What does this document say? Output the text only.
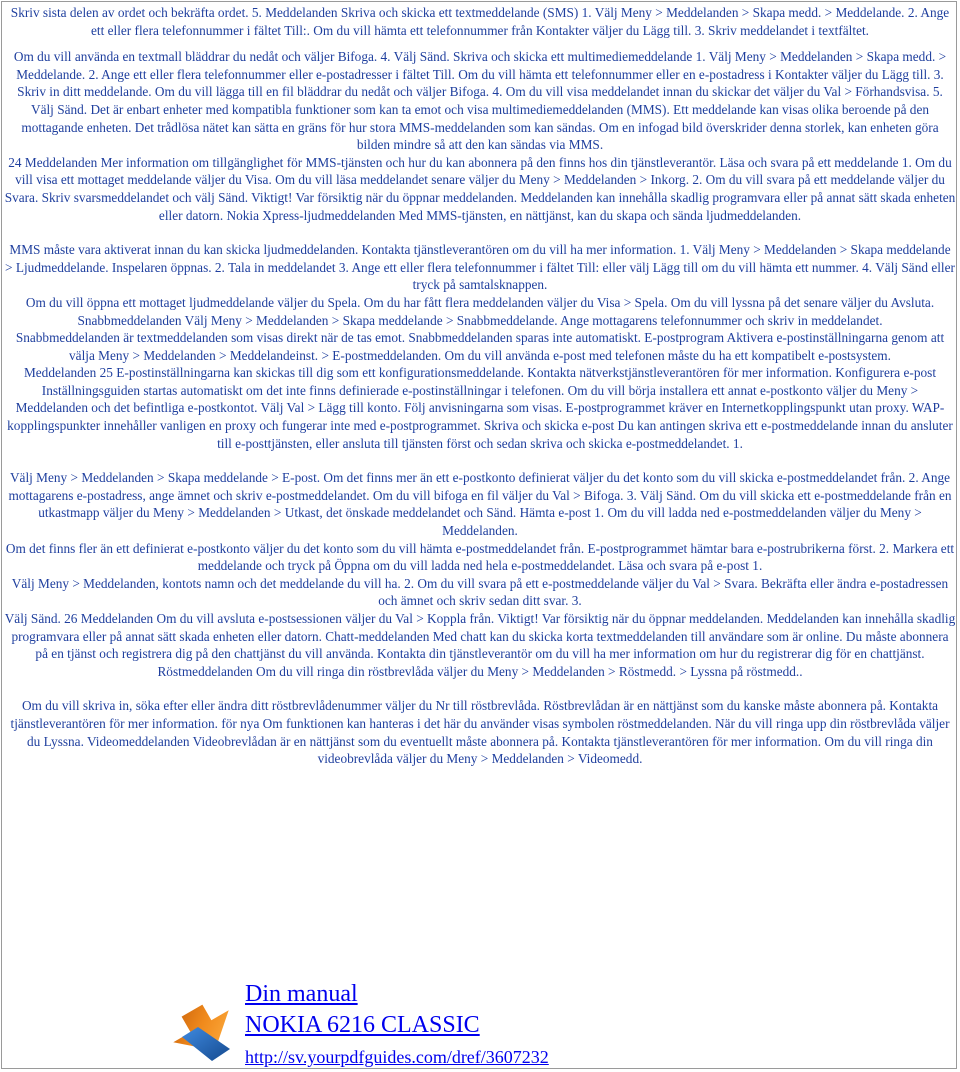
Skriv sista delen av ordet och bekräfta ordet. 5. Meddelanden Skriva och skicka ett textmeddelande (SMS) 1. Välj Meny > Meddelanden > Skapa medd. > Meddelande. 2. Ange ett eller flera telefonnummer i fältet Till:. Om du vill hämta ett telefonnummer från Kontakter väljer du Lägg till. 3. Skriv meddelandet i textfältet.

Om du vill använda en textmall bläddrar du nedåt och väljer Bifoga. 4. Välj Sänd. Skriva och skicka ett multimediemeddelande 1. Välj Meny > Meddelanden > Skapa medd. > Meddelande. 2. Ange ett eller flera telefonnummer eller e-postadresser i fältet Till. Om du vill hämta ett telefonnummer eller en e-postadress i Kontakter väljer du Lägg till. 3.

Skriv in ditt meddelande. Om du vill lägga till en fil bläddrar du nedåt och väljer Bifoga. 4. Om du vill visa meddelandet innan du skickar det väljer du Val > Förhandsvisa. 5.

Välj Sänd. Det är enbart enheter med kompatibla funktioner som kan ta emot och visa multimediemeddelanden (MMS). Ett meddelande kan visas olika beroende på den mottagande enheten. Det trådlösa nätet kan sätta en gräns för hur stora MMS-meddelanden som kan sändas. Om en infogad bild överskrider denna storlek, kan enheten göra bilden mindre så att den kan sändas via MMS.

24 Meddelanden Mer information om tillgänglighet för MMS-tjänsten och hur du kan abonnera på den finns hos din tjänstleverantör. Läsa och svara på ett meddelande 1. Om du vill visa ett mottaget meddelande väljer du Visa. Om du vill läsa meddelandet senare väljer du Meny > Meddelanden > Inkorg. 2. Om du vill svara på ett meddelande väljer du Svara. Skriv svarsmeddelandet och välj Sänd. Viktigt! Var försiktig när du öppnar meddelanden. Meddelanden kan innehålla skadlig programvara eller på annat sätt skada enheten eller datorn. Nokia Xpress-ljudmeddelanden Med MMS-tjänsten, en nättjänst, kan du skapa och sända ljudmeddelanden.

MMS måste vara aktiverat innan du kan skicka ljudmeddelanden. Kontakta tjänstleverantören om du vill ha mer information. 1. Välj Meny > Meddelanden > Skapa meddelande > Ljudmeddelande. Inspelaren öppnas. 2. Tala in meddelandet 3. Ange ett eller flera telefonnummer i fältet Till: eller välj Lägg till om du vill hämta ett nummer. 4. Välj Sänd eller tryck på samtalsknappen.

Om du vill öppna ett mottaget ljudmeddelande väljer du Spela. Om du har fått flera meddelanden väljer du Visa > Spela. Om du vill lyssna på det senare väljer du Avsluta. Snabbmeddelanden Välj Meny > Meddelanden > Skapa meddelande > Snabbmeddelande. Ange mottagarens telefonnummer och skriv in meddelandet.

Snabbmeddelanden är textmeddelanden som visas direkt när de tas emot. Snabbmeddelanden sparas inte automatiskt. E-postprogram Aktivera e-postinställningarna genom att välja Meny > Meddelanden > Meddelandeinst. > E-postmeddelanden. Om du vill använda e-post med telefonen måste du ha ett kompatibelt e-postsystem.

Meddelanden 25 E-postinställningarna kan skickas till dig som ett konfigurationsmeddelande. Kontakta nätverkstjänstleverantören för mer information. Konfigurera e-post Inställningsguiden startas automatiskt om det inte finns definierade e-postinställningar i telefonen. Om du vill börja installera ett annat e-postkonto väljer du Meny > Meddelanden och det befintliga e-postkontot. Välj Val > Lägg till konto. Följ anvisningarna som visas. E-postprogrammet kräver en Internetkopplingspunkt utan proxy. WAP-kopplingspunkter innehåller vanligen en proxy och fungerar inte med e-postprogrammet. Skriva och skicka e-post Du kan antingen skriva ett e-postmeddelande innan du ansluter till e-posttjänsten, eller ansluta till tjänsten först och sedan skriva och skicka e-postmeddelandet. 1.

Välj Meny > Meddelanden > Skapa meddelande > E-post. Om det finns mer än ett e-postkonto definierat väljer du det konto som du vill skicka e-postmeddelandet från. 2. Ange mottagarens e-postadress, ange ämnet och skriv e-postmeddelandet. Om du vill bifoga en fil väljer du Val > Bifoga. 3. Välj Sänd. Om du vill skicka ett e-postmeddelande från en utkastmapp väljer du Meny > Meddelanden > Utkast, det önskade meddelandet och Sänd. Hämta e-post 1. Om du vill ladda ned e-postmeddelanden väljer du Meny > Meddelanden.

Om det finns fler än ett definierat e-postkonto väljer du det konto som du vill hämta e-postmeddelandet från. E-postprogrammet hämtar bara e-postrubrikerna först. 2. Markera ett meddelande och tryck på Öppna om du vill ladda ned hela e-postmeddelandet. Läsa och svara på e-post 1.

Välj Meny > Meddelanden, kontots namn och det meddelande du vill ha. 2. Om du vill svara på ett e-postmeddelande väljer du Val > Svara. Bekräfta eller ändra e-postadressen och ämnet och skriv sedan ditt svar. 3.

Välj Sänd. 26 Meddelanden Om du vill avsluta e-postsessionen väljer du Val > Koppla från. Viktigt! Var försiktig när du öppnar meddelanden. Meddelanden kan innehålla skadlig programvara eller på annat sätt skada enheten eller datorn. Chatt-meddelanden Med chatt kan du skicka korta textmeddelanden till användare som är online. Du måste abonnera på en tjänst och registrera dig på den chattjänst du vill använda. Kontakta din tjänstleverantör om du vill ha mer information om hur du registrerar dig för en chattjänst. Röstmeddelanden Om du vill ringa din röstbrevlåda väljer du Meny > Meddelanden > Röstmedd. > Lyssna på röstmedd..

Om du vill skriva in, söka efter eller ändra ditt röstbrevlådenummer väljer du Nr till röstbrevlåda. Röstbrevlådan är en nättjänst som du kanske måste abonnera på. Kontakta tjänstleverantören för mer information. för nya Om funktionen kan hanteras i det här du använder visas symbolen röstmeddelanden. När du vill ringa upp din röstbrevlåda väljer du Lyssna. Videomeddelanden Videobrevlådan är en nättjänst som du eventuellt måste abonnera på. Kontakta tjänstleverantören för mer information. Om du vill ringa din videobrevlåda väljer du Meny > Meddelanden > Videomedd.

Din manual
NOKIA 6216 CLASSIC
http://sv.yourpdfguides.com/dref/3607232
